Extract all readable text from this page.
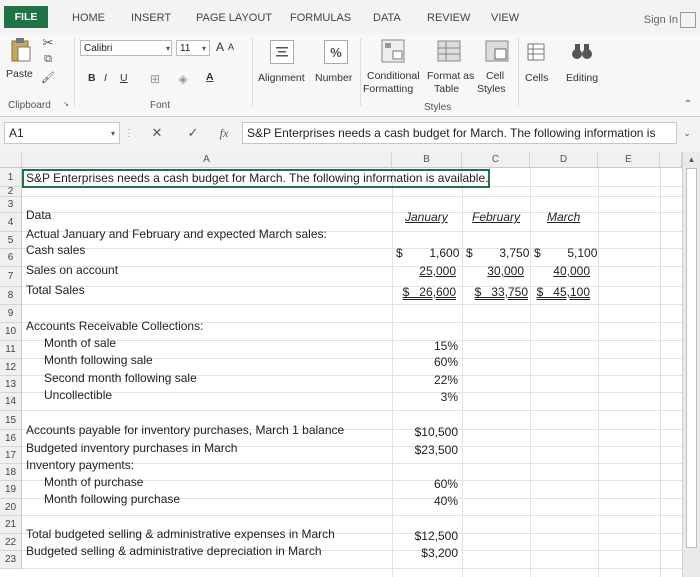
FILE	HOME INSERT PAGE LAYOUT FORMULAS DATA REVIEW VIEW	Sign In
Paste
✂
⧉
🖌
Clipboard ↘
Calibri	▾	11	▾ A A
B I U ⊞	◈	A
Font
Alignment
%
Number Conditional
Formatting
Format as
Table
Cell
Styles
Styles
Cells Editing
⌃
A1	▾ ⋮ ✕ ✓	fx	S&P Enterprises needs a cash budget for March. The following information is	⌄
A	B	C	D	E
1
2
3
4
5
6
7
8
9
10
11
12
13
14
15
16
17
18
19
20
21
22
23
S&P Enterprises needs a cash budget for March. The following information is available.
Data	January February March
Actual January and February and expected March sales:
Cash sales	$        1,600 $        3,750 $        5,100
Sales on account	25,000	30,000	40,000
Total Sales	$   26,600	$   33,750 $   45,100
Accounts Receivable Collections:
Month of sale	15%
Month following sale	60%
Second month following sale	22%
Uncollectible	3%
Accounts payable for inventory purchases, March 1 balance	$10,500
Budgeted inventory purchases in March	$23,500
Inventory payments:
Month of purchase	60%
Month following purchase	40%
Total budgeted selling & administrative expenses in March	$12,500
Budgeted selling & administrative depreciation in March	$3,200
▲
